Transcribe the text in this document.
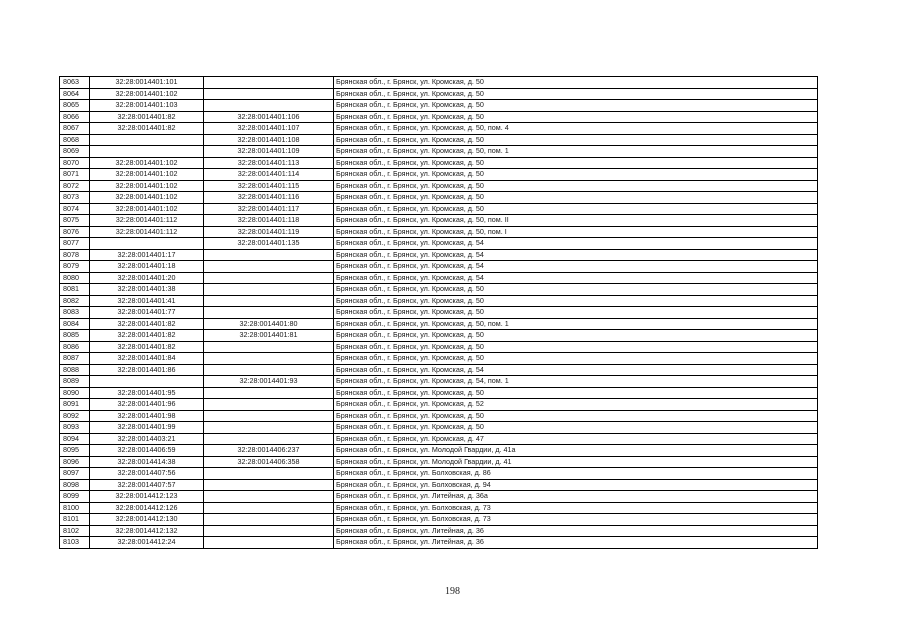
8063	32:28:0014401:101		Брянская обл., г. Брянск, ул. Кромская, д. 50
8064	32:28:0014401:102		Брянская обл., г. Брянск, ул. Кромская, д. 50
8065	32:28:0014401:103		Брянская обл., г. Брянск, ул. Кромская, д. 50
8066	32:28:0014401:82	32:28:0014401:106	Брянская обл., г. Брянск, ул. Кромская, д. 50
8067	32:28:0014401:82	32:28:0014401:107	Брянская обл., г. Брянск, ул. Кромская, д. 50, пом. 4
8068		32:28:0014401:108	Брянская обл., г. Брянск, ул. Кромская, д. 50
8069		32:28:0014401:109	Брянская обл., г. Брянск, ул. Кромская, д. 50, пом. 1
8070	32:28:0014401:102	32:28:0014401:113	Брянская обл., г. Брянск, ул. Кромская, д. 50
8071	32:28:0014401:102	32:28:0014401:114	Брянская обл., г. Брянск, ул. Кромская, д. 50
8072	32:28:0014401:102	32:28:0014401:115	Брянская обл., г. Брянск, ул. Кромская, д. 50
8073	32:28:0014401:102	32:28:0014401:116	Брянская обл., г. Брянск, ул. Кромская, д. 50
8074	32:28:0014401:102	32:28:0014401:117	Брянская обл., г. Брянск, ул. Кромская, д. 50
8075	32:28:0014401:112	32:28:0014401:118	Брянская обл., г. Брянск, ул. Кромская, д. 50, пом. II
8076	32:28:0014401:112	32:28:0014401:119	Брянская обл., г. Брянск, ул. Кромская, д. 50, пом. I
8077		32:28:0014401:135	Брянская обл., г. Брянск, ул. Кромская, д. 54
8078	32:28:0014401:17		Брянская обл., г. Брянск, ул. Кромская, д. 54
8079	32:28:0014401:18		Брянская обл., г. Брянск, ул. Кромская, д. 54
8080	32:28:0014401:20		Брянская обл., г. Брянск, ул. Кромская, д. 54
8081	32:28:0014401:38		Брянская обл., г. Брянск, ул. Кромская, д. 50
8082	32:28:0014401:41		Брянская обл., г. Брянск, ул. Кромская, д. 50
8083	32:28:0014401:77		Брянская обл., г. Брянск, ул. Кромская, д. 50
8084	32:28:0014401:82	32:28:0014401:80	Брянская обл., г. Брянск, ул. Кромская, д. 50, пом. 1
8085	32:28:0014401:82	32:28:0014401:81	Брянская обл., г. Брянск, ул. Кромская, д. 50
8086	32:28:0014401:82		Брянская обл., г. Брянск, ул. Кромская, д. 50
8087	32:28:0014401:84		Брянская обл., г. Брянск, ул. Кромская, д. 50
8088	32:28:0014401:86		Брянская обл., г. Брянск, ул. Кромская, д. 54
8089		32:28:0014401:93	Брянская обл., г. Брянск, ул. Кромская, д. 54, пом. 1
8090	32:28:0014401:95		Брянская обл., г. Брянск, ул. Кромская, д. 50
8091	32:28:0014401:96		Брянская обл., г. Брянск, ул. Кромская, д. 52
8092	32:28:0014401:98		Брянская обл., г. Брянск, ул. Кромская, д. 50
8093	32:28:0014401:99		Брянская обл., г. Брянск, ул. Кромская, д. 50
8094	32:28:0014403:21		Брянская обл., г. Брянск, ул. Кромская, д. 47
8095	32:28:0014406:59	32:28:0014406:237	Брянская обл., г. Брянск, ул. Молодой Гвардии, д. 41а
8096	32:28:0014414:38	32:28:0014406:358	Брянская обл., г. Брянск, ул. Молодой Гвардии, д. 41
8097	32:28:0014407:56		Брянская обл., г. Брянск, ул. Болховская, д. 86
8098	32:28:0014407:57		Брянская обл., г. Брянск, ул. Болховская, д. 94
8099	32:28:0014412:123		Брянская обл., г. Брянск, ул. Литейная, д. 36а
8100	32:28:0014412:126		Брянская обл., г. Брянск, ул. Болховская, д. 73
8101	32:28:0014412:130		Брянская обл., г. Брянск, ул. Болховская, д. 73
8102	32:28:0014412:132		Брянская обл., г. Брянск, ул. Литейная, д. 36
8103	32:28:0014412:24		Брянская обл., г. Брянск, ул. Литейная, д. 36
198
